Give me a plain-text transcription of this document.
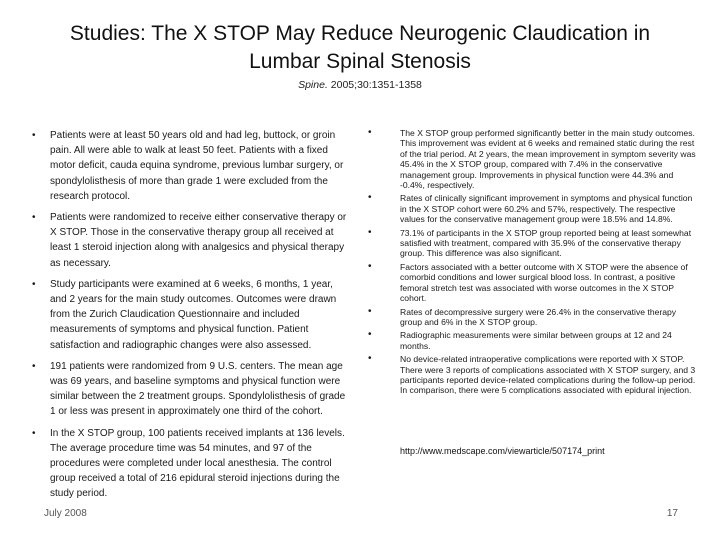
Studies: The X STOP May Reduce Neurogenic Claudication in Lumbar Spinal Stenosis
Spine. 2005;30:1351-1358
• Patients were at least 50 years old and had leg, buttock, or groin pain. All were able to walk at least 50 feet. Patients with a fixed motor deficit, cauda equina syndrome, previous lumbar surgery, or spondylolisthesis of more than grade 1 were excluded from the research protocol.
• Patients were randomized to receive either conservative therapy or X STOP. Those in the conservative therapy group all received at least 1 steroid injection along with analgesics and physical therapy as necessary.
• Study participants were examined at 6 weeks, 6 months, 1 year, and 2 years for the main study outcomes. Outcomes were drawn from the Zurich Claudication Questionnaire and included measurements of symptoms and physical function. Patient satisfaction and radiographic changes were also assessed.
• 191 patients were randomized from 9 U.S. centers. The mean age was 69 years, and baseline symptoms and physical function were similar between the 2 treatment groups. Spondylolisthesis of grade 1 or less was present in approximately one third of the cohort.
• In the X STOP group, 100 patients received implants at 136 levels. The average procedure time was 54 minutes, and 97 of the procedures were completed under local anesthesia. The control group received a total of 216 epidural steroid injections during the study period.
•	The X STOP group performed significantly better in the main study outcomes. This improvement was evident at 6 weeks and remained static during the rest of the trial period. At 2 years, the mean improvement in symptom severity was 45.4% in the X STOP group, compared with 7.4% in the conservative management group. Improvements in physical function were 44.3% and -0.4%, respectively.
•	Rates of clinically significant improvement in symptoms and physical function in the X STOP cohort were 60.2% and 57%, respectively. The respective values for the conservative management group were 18.5% and 14.8%.
•	73.1% of participants in the X STOP group reported being at least somewhat satisfied with treatment, compared with 35.9% of the conservative therapy group. This difference was also significant.
•	Factors associated with a better outcome with X STOP were the absence of comorbid conditions and lower surgical blood loss. In contrast, a positive femoral stretch test was associated with worse outcomes in the X STOP cohort.
•	Rates of decompressive surgery were 26.4% in the conservative therapy group and 6% in the X STOP group.
•	Radiographic measurements were similar between groups at 12 and 24 months.
•	No device-related intraoperative complications were reported with X STOP. There were 3 reports of complications associated with X STOP surgery, and 3 participants reported device-related complications during the follow-up period. In comparison, there were 5 complications associated with epidural injection.
http://www.medscape.com/viewarticle/507174_print
July 2008	17
